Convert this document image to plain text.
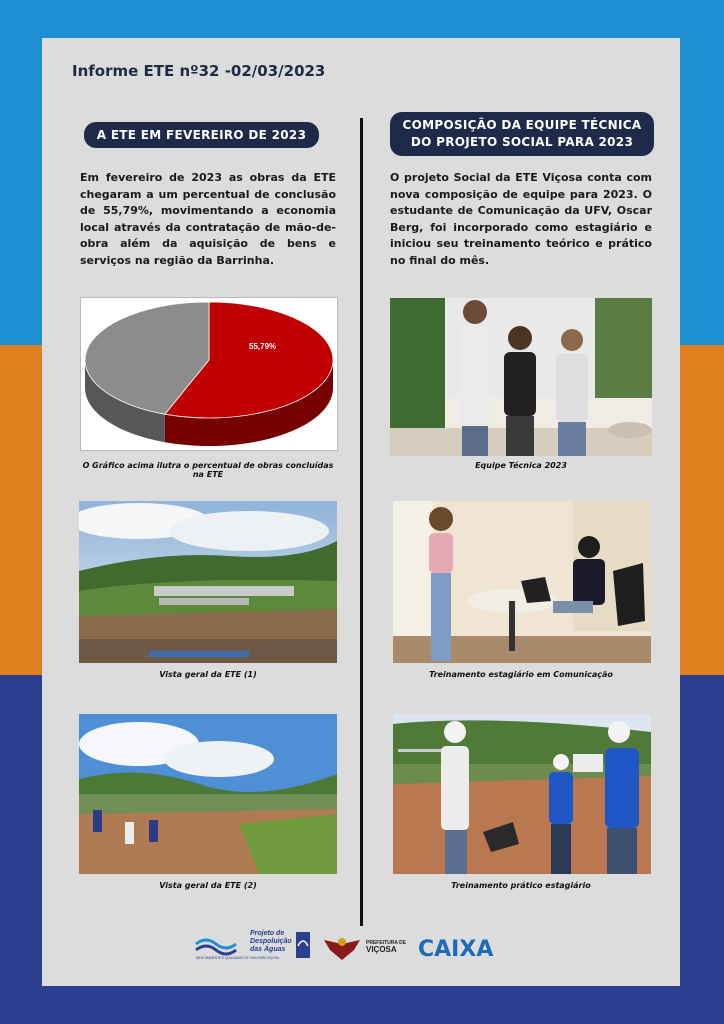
Informe ETE nº32 -02/03/2023
A ETE EM FEVEREIRO DE 2023
Em fevereiro de 2023 as obras da ETE chegaram a um percentual de conclusão de 55,79%, movimentando a economia local através da contratação de mão-de-obra além da aquisição de bens e serviços na região da Barrinha.
55,79%
O Gráfico acima ilutra o percentual de obras concluídas na ETE
Vista geral da ETE (1)
Vista geral da ETE (2)
COMPOSIÇÃO DA EQUIPE TÉCNICA
DO PROJETO SOCIAL PARA 2023
O projeto Social da ETE Viçosa conta com nova composição de equipe para 2023. O estudante de Comunicação da UFV, Oscar Berg, foi incorporado como estagiário e iniciou seu treinamento teórico e prático no final do mês.
Equipe Técnica 2023
Treinamento estagiário em Comunicação
Treinamento prático estagiário
Projeto de
Despoluição
das Águas
MEIO AMBIENTE E QUALIDADE DE VIDA PARA VIÇOSA
PREFEITURA DE
VIÇOSA CAIXA
